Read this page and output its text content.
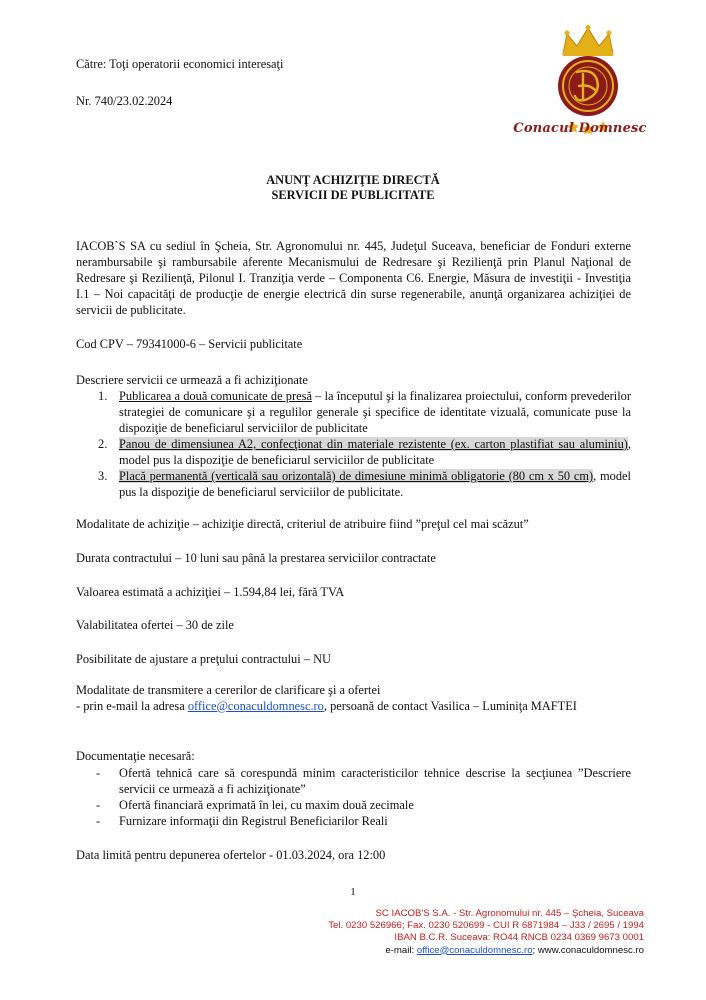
Către: Toţi operatorii economici interesaţi

Nr. 740/23.02.2024

Conacul Domnesc

ANUNŢ ACHIZIŢIE DIRECTĂ

SERVICII DE PUBLICITATE

IACOB`S SA cu sediul în Şcheia, Str. Agronomului nr. 445, Judeţul Suceava, beneficiar de Fonduri externe nerambursabile şi rambursabile aferente Mecanismului de Redresare şi Rezilienţă prin Planul Naţional de Redresare şi Rezilienţă, Pilonul I. Tranziţia verde – Componenta C6. Energie, Măsura de investiţii - Investiţia I.1 – Noi capacităţi de producţie de energie electrică din surse regenerabile, anunţă organizarea achiziţiei de servicii de publicitate.

Cod CPV – 79341000-6 – Servicii publicitate

Descriere servicii ce urmează a fi achiziţionate

1. Publicarea a două comunicate de presă – la începutul şi la finalizarea proiectului, conform prevederilor strategiei de comunicare şi a regulilor generale şi specifice de identitate vizuală, comunicate puse la dispoziţie de beneficiarul serviciilor de publicitate
2. Panou de dimensiunea A2, confecţionat din materiale rezistente (ex. carton plastifiat sau aluminiu), model pus la dispoziţie de beneficiarul serviciilor de publicitate
3. Placă permanentă (verticală sau orizontală) de dimesiune minimă obligatorie (80 cm x 50 cm), model pus la dispoziţie de beneficiarul serviciilor de publicitate.

Modalitate de achiziţie – achiziţie directă, criteriul de atribuire fiind ”preţul cel mai scăzut”

Durata contractului – 10 luni sau până la prestarea serviciilor contractate

Valoarea estimată a achiziţiei – 1.594,84 lei, fără TVA

Valabilitatea ofertei – 30 de zile

Posibilitate de ajustare a preţului contractului – NU

Modalitate de transmitere a cererilor de clarificare şi a ofertei

- prin e-mail la adresa office@conaculdomnesc.ro, persoană de contact Vasilica – Luminiţa MAFTEI

Documentaţie necesară:

- Ofertă tehnică care să corespundă minim caracteristicilor tehnice descrise la secţiunea ”Descriere servicii ce urmează a fi achiziţionate”
- Ofertă financiară exprimată în lei, cu maxim două zecimale
- Furnizare informaţii din Registrul Beneficiarilor Reali

Data limită pentru depunerea ofertelor - 01.03.2024, ora 12:00

1
SC IACOB'S S.A. - Str. Agronomului nr. 445 – Şcheia, Suceava
Tel. 0230 526966; Fax. 0230 520699 - CUI R 6871984 – J33 / 2695 / 1994
IBAN B.C.R. Suceava: RO44 RNCB 0234 0369 9673 0001
e-mail: office@conaculdomnesc.ro; www.conaculdomnesc.ro
